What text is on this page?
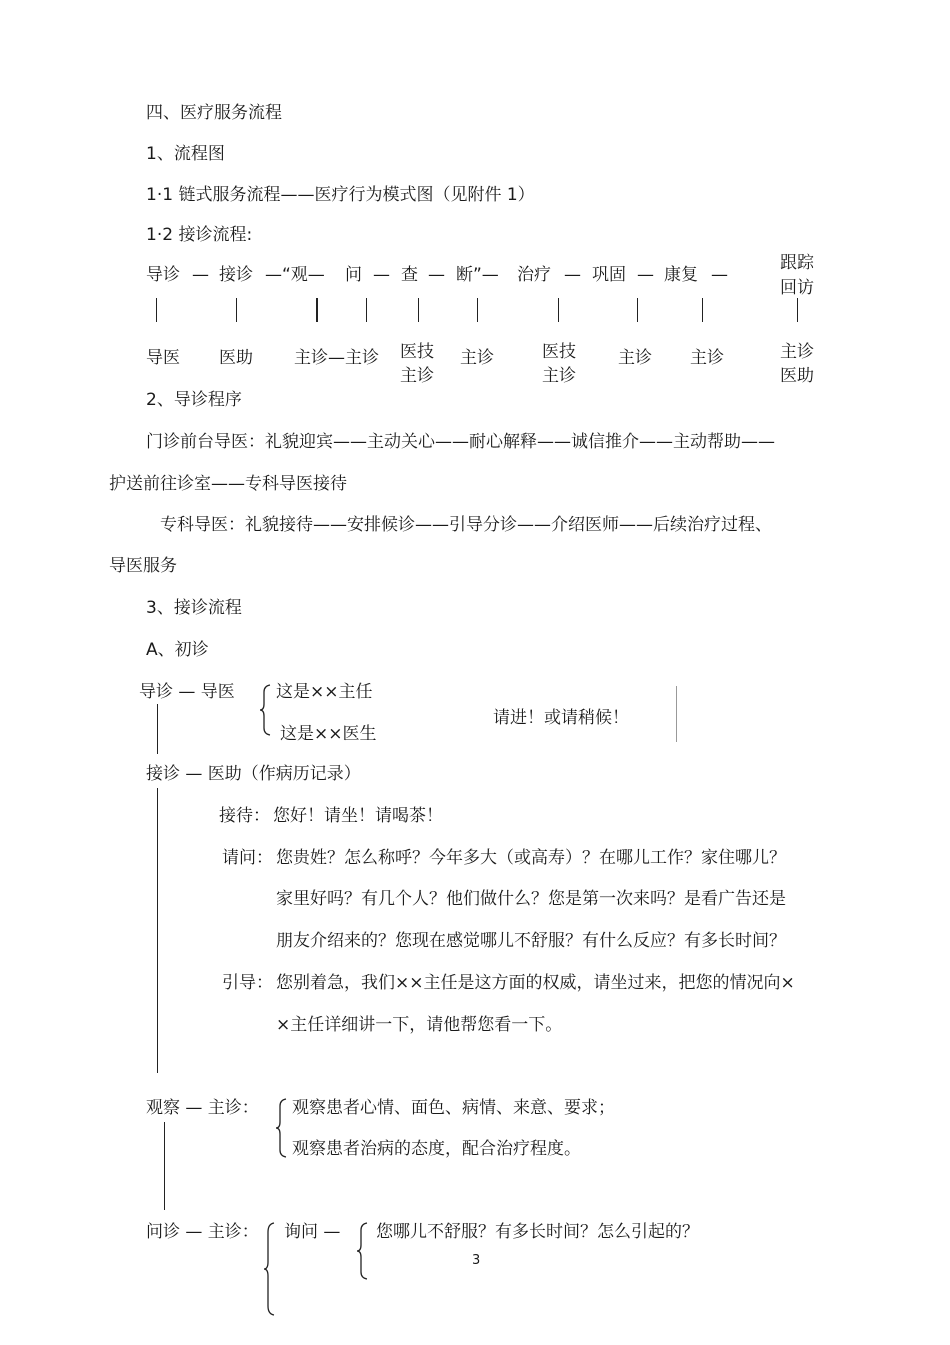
四、医疗服务流程
1、流程图
1·1 链式服务流程——医疗行为模式图（见附件 1）
1·2 接诊流程:
导诊 — 接诊 —“观— 问 — 查 — 断”— 治疗 — 巩固 — 康复 —
跟踪
回访
导医 医助 主诊—主诊 医技
主诊
主诊	医技
主诊
主诊 主诊	主诊
医助
2、导诊程序
门诊前台导医：礼貌迎宾——主动关心——耐心解释——诚信推介——主动帮助——
护送前往诊室——专科导医接待
专科导医：礼貌接待——安排候诊——引导分诊——介绍医师——后续治疗过程、
导医服务
3、接诊流程
A、初诊
导诊 — 导医 这是××主任
这是××医生
请进！或请稍候！
接诊 — 医助（作病历记录）
接待： 您好！请坐！请喝茶！
请问： 您贵姓？怎么称呼？今年多大（或高寿）？在哪儿工作？家住哪儿？
家里好吗？有几个人？他们做什么？您是第一次来吗？是看广告还是
朋友介绍来的？您现在感觉哪儿不舒服？有什么反应？有多长时间？
引导： 您别着急，我们××主任是这方面的权威，请坐过来，把您的情况向×
×主任详细讲一下，请他帮您看一下。
观察 — 主诊： 观察患者心情、面色、病情、来意、要求；
观察患者治病的态度，配合治疗程度。
问诊 — 主诊： 询问 — 您哪儿不舒服？有多长时间？怎么引起的？
3
